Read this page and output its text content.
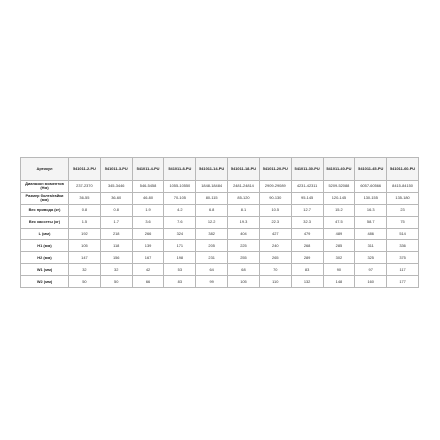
Артикул	541011-2-PU	541011-3-PU	541011-4-PU	541011-8-PU	541011-14-PU	541011-18-PU	541011-20-PU	541011-30-PU	541011-40-PU	541011-45-PU	541011-60-PU
Диапазон моментов (Нм)	237-2370	345-3446	546-5458	1055-10550	1848-18484	2481-24814	2909-29089	4231-42311	5209-52088	6057-60566	8415-84150
Размер болта/гайки (мм)	36-55	36-60	46-80	70-105	80-115	85-120	90-130	95-145	120-145	130-155	135-180
Вес привода (кг)	0.8	0.8	1.9	4.2	6.8	8.1	10.5	12.7	15.2	16.3	23
Вес кассеты (кг)	1.5	1.7	3.6	7.6	12.2	19.3	22.3	32.3	47.5	58.7	75
L (мм)	192	218	266	324	382	404	427	479	489	486	514
H1 (мм)	105	118	139	171	205	225	240	268	285	311	336
H2 (мм)	147	156	167	198	231	255	265	289	302	325	375
W1 (мм)	32	32	42	53	64	68	70	83	90	97	117
W2 (мм)	50	50	66	83	99	105	110	132	148	160	177
